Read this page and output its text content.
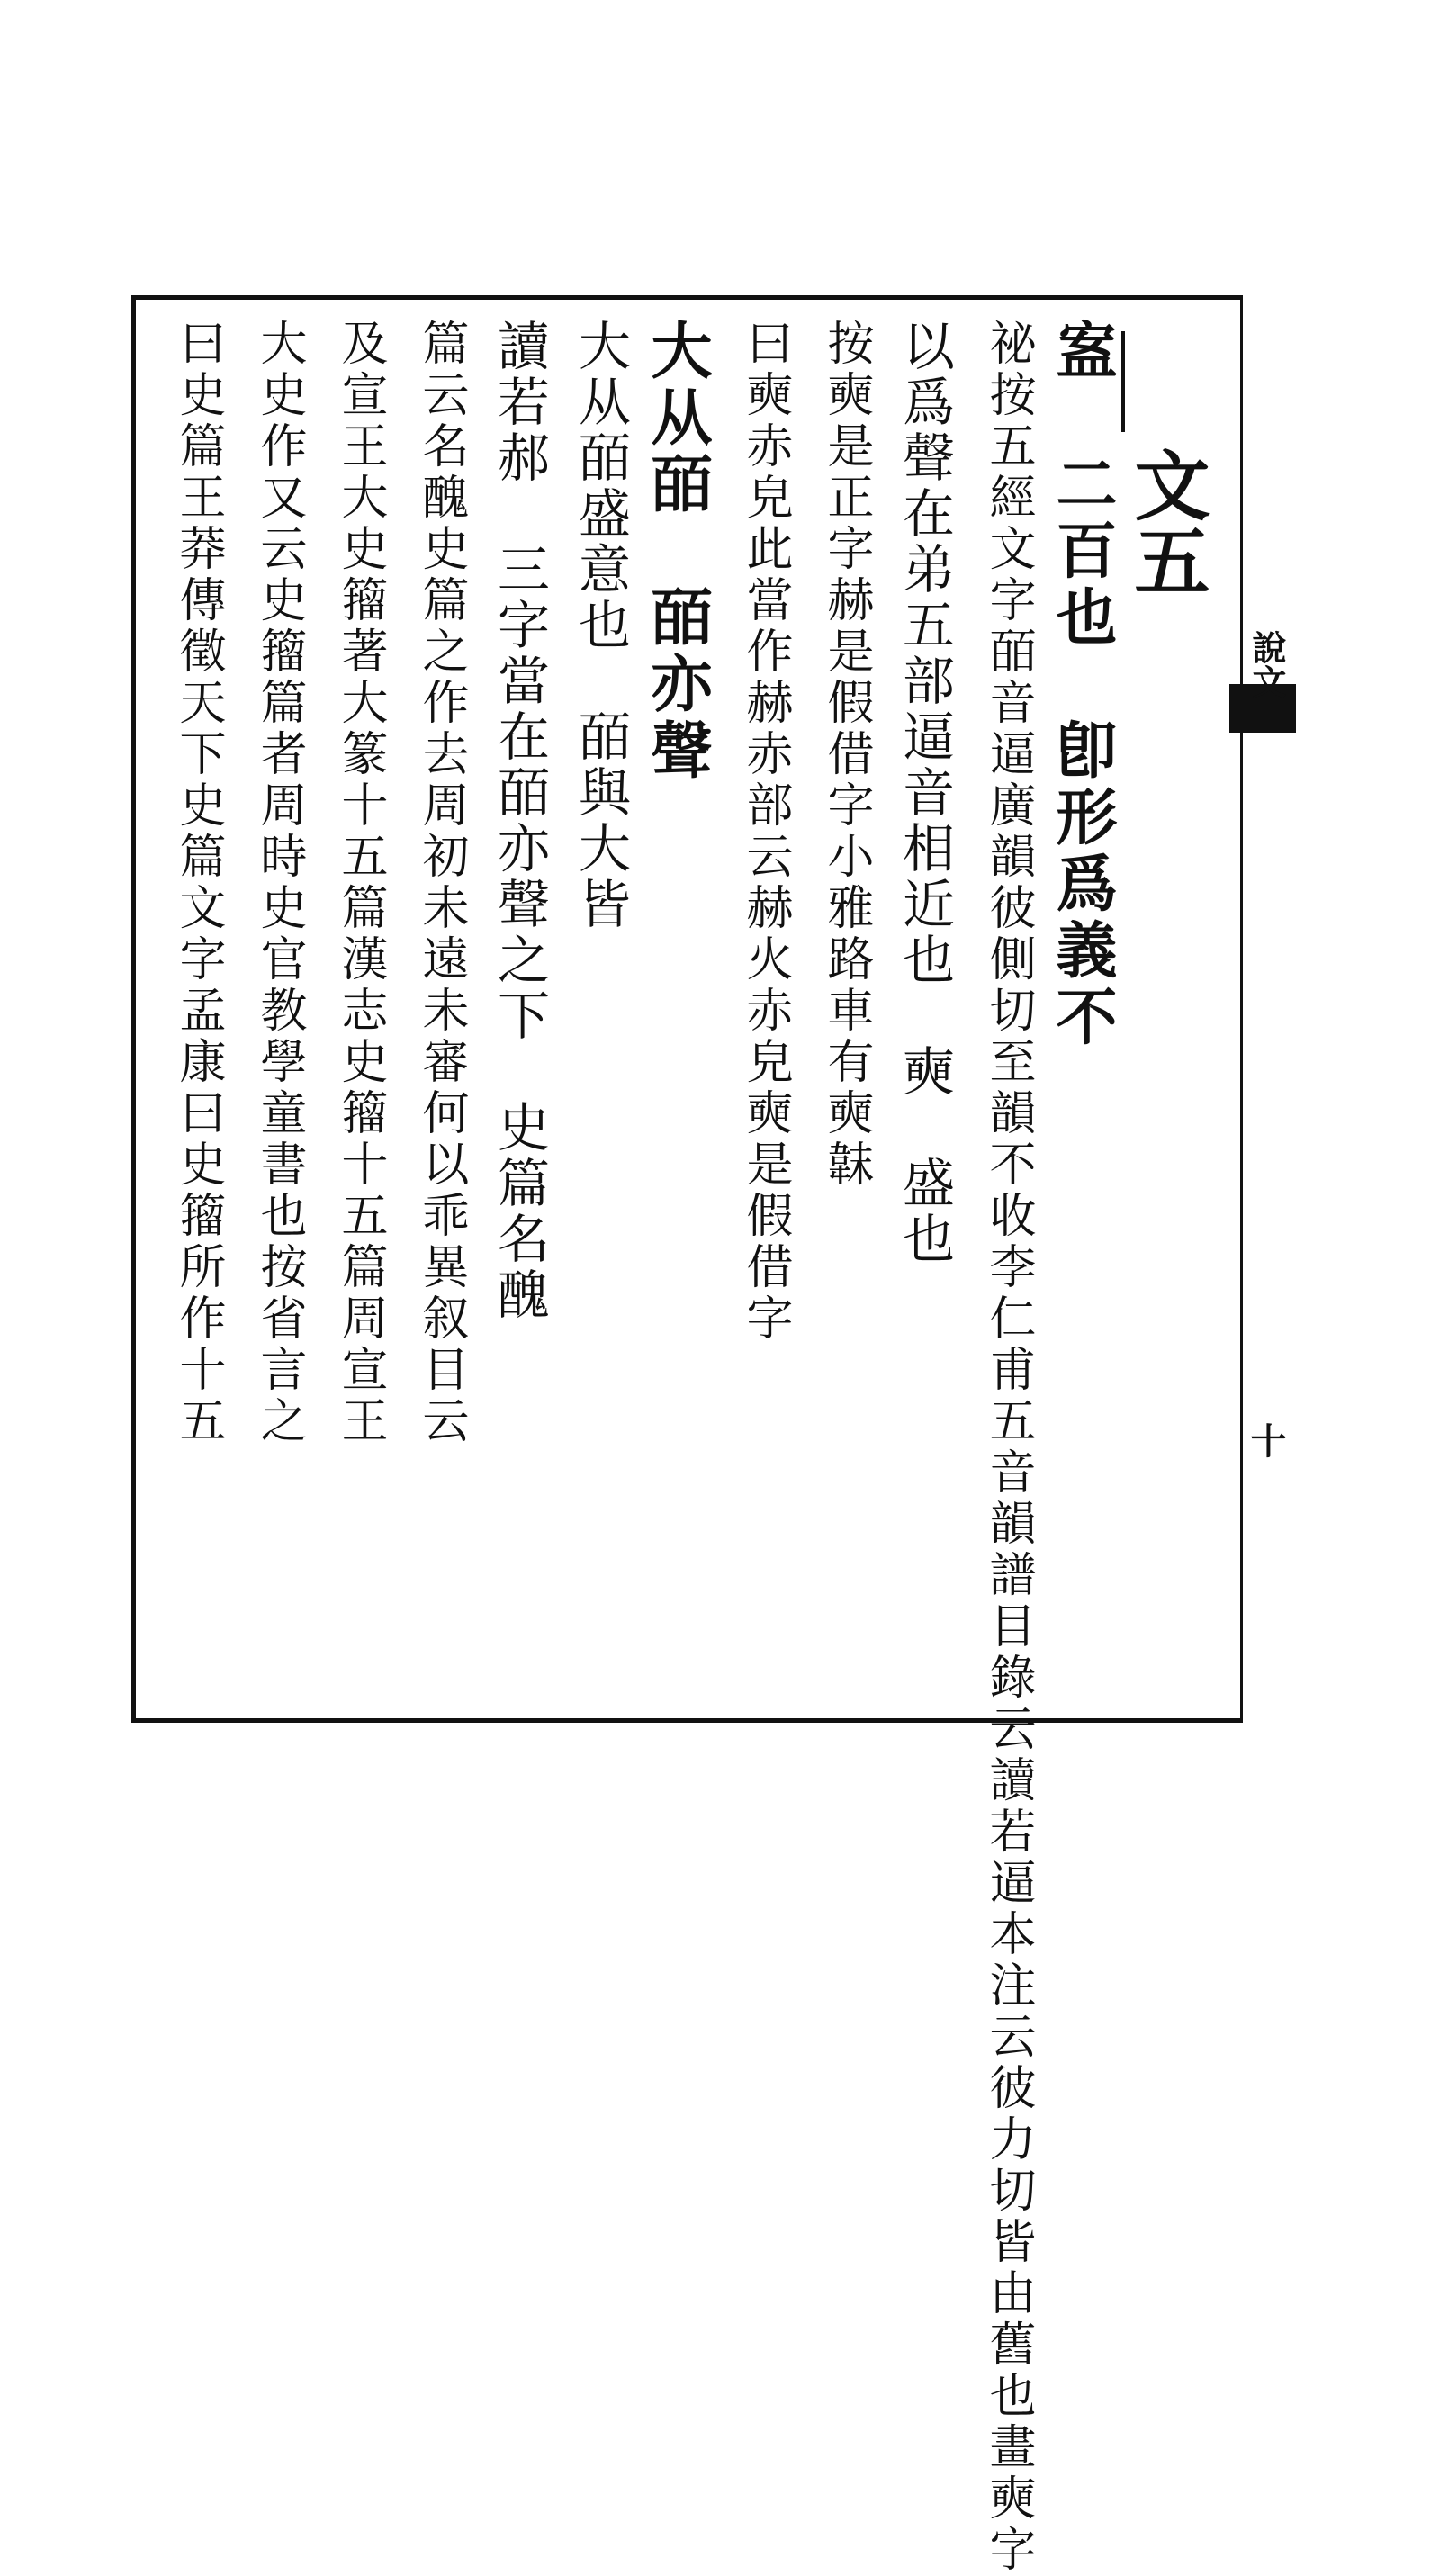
說文
十
文五
䀂　二百也　卽形爲義不
祕按五經文字皕音逼廣韻彼側切至韻不收李仁甫五音韻譜目錄云讀若逼本注云彼力切皆由舊也畫奭字
以爲聲在弟五部逼音相近也　奭　盛也
按奭是正字赫是假借字小雅路車有奭韎
曰奭赤皃此當作赫赤部云赫火赤皃奭是假借字
大从皕　皕亦聲
大从皕盛意也　皕與大皆
讀若郝　三字當在皕亦聲之下　史篇名醜
篇云名醜史篇之作去周初未遠未審何以乖異叙目云
及宣王大史籀著大篆十五篇漢志史籀十五篇周宣王
大史作又云史籀篇者周時史官教學童書也按省言之
曰史篇王莽傳徵天下史篇文字孟康曰史籀所作十五
